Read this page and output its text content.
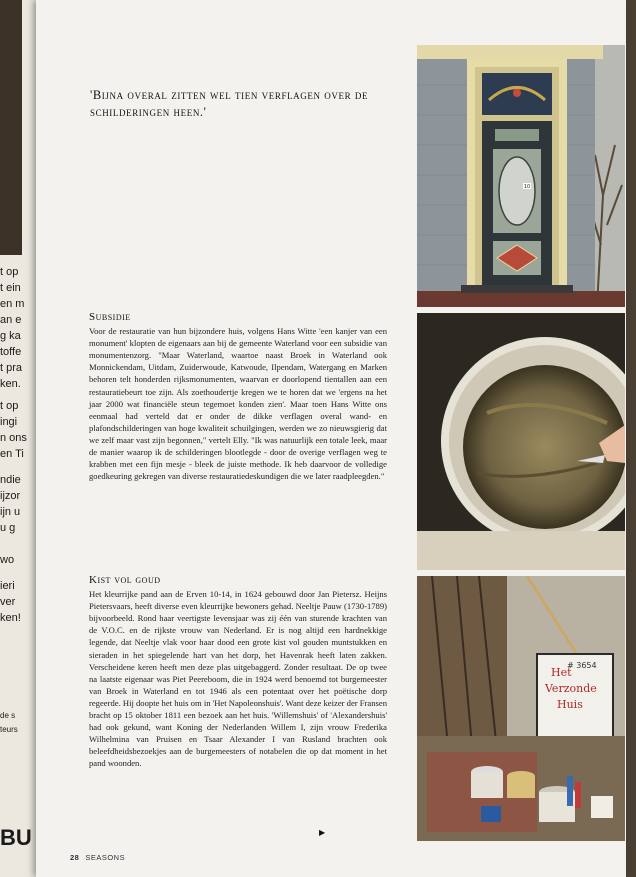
t op
t ein
en m
an e
g ka
toffe
t pra
ken.
t op
ingi
n ons
en Ti
ndie
ijzor
ijn u
u g
wo
ieri
ver
ken!
de s
teurs
BU
'Bijna overal zitten wel tien verflagen over de schilderingen heen.'
Subsidie

Voor de restauratie van hun bijzondere huis, volgens Hans Witte 'een kanjer van een monument' klopten de eigenaars aan bij de gemeente Waterland voor een subsidie van monumentenzorg. "Maar Waterland, waartoe naast Broek in Waterland ook Monnickendam, Uitdam, Zuiderwoude, Katwoude, Ilpendam, Watergang en Marken behoren telt honderden rijksmonumenten, waarvan er doorlopend tientallen aan een restauratiebeurt toe zijn. Als zoethoudertje kregen we te horen dat we 'ergens na het jaar 2000 wat financiële steun tegemoet konden zien'. Maar toen Hans Witte ons eenmaal had verteld dat er onder de dikke verflagen overal wand- en plafondschilderingen van hoge kwaliteit schuilgingen, werden we zo nieuwsgierig dat we zelf maar vast zijn begonnen," vertelt Elly. "Ik was natuurlijk een totale leek, maar de manier waarop ik de schilderingen blootlegde - door de overige verflagen weg te krabben met een fijn mesje - bleek de juiste methode. Ik heb daarvoor de volledige goedkeuring gekregen van diverse restauratiedeskundigen die we later raadpleegden."

Kist vol goud

Het kleurrijke pand aan de Erven 10-14, in 1624 gebouwd door Jan Pietersz. Heijns Pietersvaars, heeft diverse even kleurrijke bewoners gehad. Neeltje Pauw (1730-1789) bijvoorbeeld. Rond haar veertigste levensjaar was zij één van sturende krachten van de V.O.C. en de rijkste vrouw van Nederland. Er is nog altijd een hardnekkige legende, dat Neeltje vlak voor haar dood een grote kist vol gouden muntstukken en sieraden in het spiegelende hart van het dorp, het Havenrak heeft laten zakken. Verscheidene keren heeft men deze plas uitgebaggerd. Zonder resultaat. De op twee na laatste eigenaar was Piet Peereboom, die in 1924 werd benoemd tot burgemeester van Broek in Waterland en tot 1946 als een potentaat over het poëtische dorp regeerde. Hij doopte het huis om in 'Het Napoleonshuis'. Want deze keizer der Fransen bracht op 15 oktober 1811 een bezoek aan het huis. 'Willemshuis' of 'Alexandershuis' had ook gekund, want Koning der Nederlanden Willem I, zijn vrouw Frederika Wilhelmina van Pruisen en Tsaar Alexander I van Rusland brachten ook beleefdheidsbezoekjes aan de burgemeesters of notabelen die op dat moment in het pand woonden.

▶
28 SEASONS
10
# 3654
Het
Verzonde
Huis
